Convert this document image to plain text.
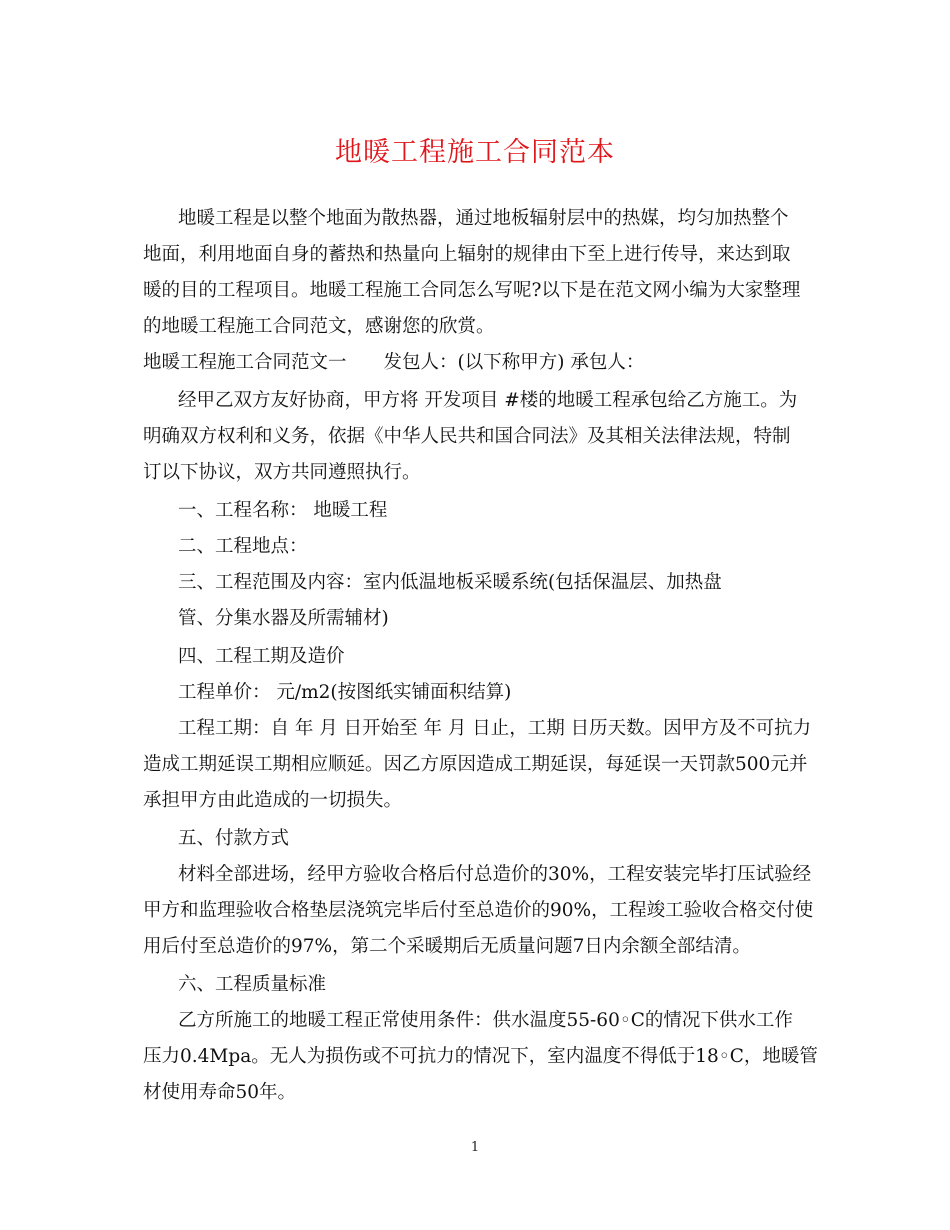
地暖工程施工合同范本
地暖工程是以整个地面为散热器，通过地板辐射层中的热媒，均匀加热整个
地面，利用地面自身的蓄热和热量向上辐射的规律由下至上进行传导，来达到取
暖的目的工程项目。地暖工程施工合同怎么写呢?以下是在范文网小编为大家整理
的地暖工程施工合同范文，感谢您的欣赏。
地暖工程施工合同范文一　　发包人：(以下称甲方) 承包人：
经甲乙双方友好协商，甲方将 开发项目 #楼的地暖工程承包给乙方施工。为
明确双方权利和义务，依据《中华人民共和国合同法》及其相关法律法规，特制
订以下协议，双方共同遵照执行。
一、工程名称： 地暖工程
二、工程地点：
三、工程范围及内容：室内低温地板采暖系统(包括保温层、加热盘
管、分集水器及所需辅材)
四、工程工期及造价
工程单价： 元/m2(按图纸实铺面积结算)
工程工期：自 年 月 日开始至 年 月 日止，工期 日历天数。因甲方及不可抗力
造成工期延误工期相应顺延。因乙方原因造成工期延误，每延误一天罚款500元并
承担甲方由此造成的一切损失。
五、付款方式
材料全部进场，经甲方验收合格后付总造价的30%，工程安装完毕打压试验经
甲方和监理验收合格垫层浇筑完毕后付至总造价的90%，工程竣工验收合格交付使
用后付至总造价的97%，第二个采暖期后无质量问题7日内余额全部结清。
六、工程质量标准
乙方所施工的地暖工程正常使用条件：供水温度55-60◦C的情况下供水工作
压力0.4Mpa。无人为损伤或不可抗力的情况下，室内温度不得低于18◦C，地暖管
材使用寿命50年。
1
